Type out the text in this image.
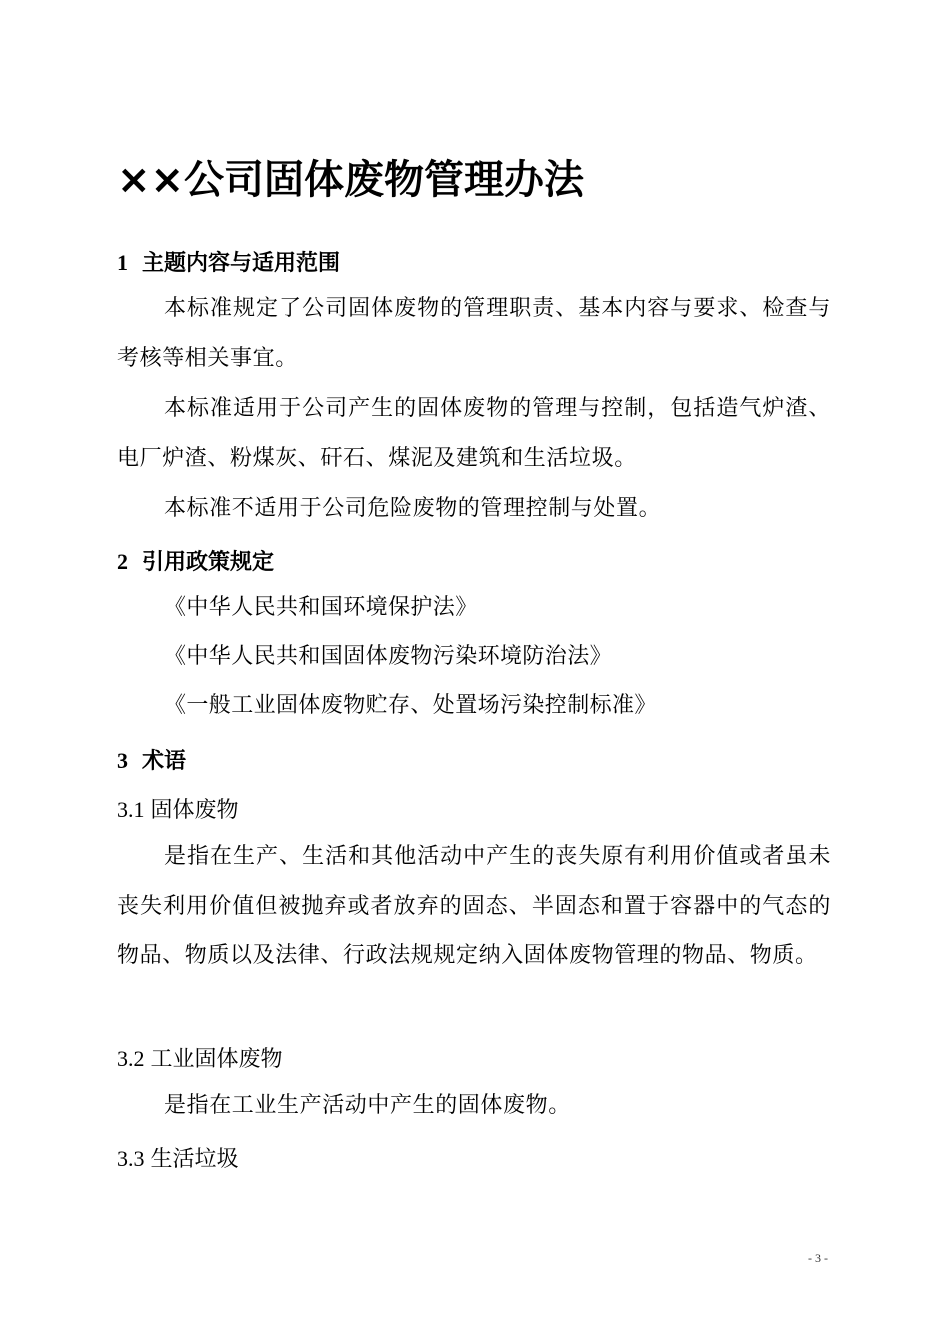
××公司固体废物管理办法
1 主题内容与适用范围

本标准规定了公司固体废物的管理职责、基本内容与要求、检查与考核等相关事宜。

本标准适用于公司产生的固体废物的管理与控制，包括造气炉渣、电厂炉渣、粉煤灰、矸石、煤泥及建筑和生活垃圾。

本标准不适用于公司危险废物的管理控制与处置。

2 引用政策规定

《中华人民共和国环境保护法》

《中华人民共和国固体废物污染环境防治法》

《一般工业固体废物贮存、处置场污染控制标准》

3 术语
3.1 固体废物

是指在生产、生活和其他活动中产生的丧失原有利用价值或者虽未丧失利用价值但被抛弃或者放弃的固态、半固态和置于容器中的气态的物品、物质以及法律、行政法规规定纳入固体废物管理的物品、物质。

3.2 工业固体废物

是指在工业生产活动中产生的固体废物。

3.3 生活垃圾
- 3 -
